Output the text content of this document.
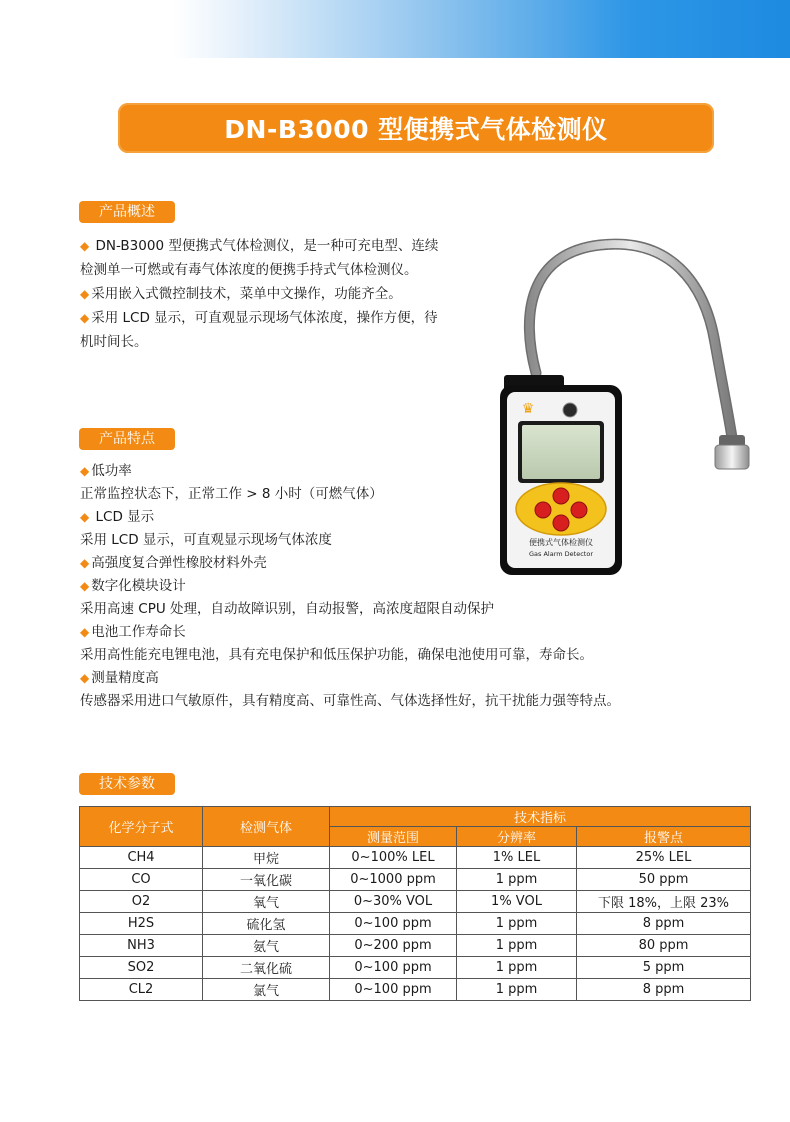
DN-B3000 型便携式气体检测仪
产品概述
◆ DN-B3000 型便携式气体检测仪，是一种可充电型、连续
检测单一可燃或有毒气体浓度的便携手持式气体检测仪。
◆ 采用嵌入式微控制技术，菜单中文操作，功能齐全。
◆ 采用 LCD 显示，可直观显示现场气体浓度，操作方便，待
机时间长。
♛
便携式气体检测仪
Gas Alarm Detector
产品特点
◆ 低功率
正常监控状态下，正常工作 > 8 小时（可燃气体）
◆ LCD 显示
采用 LCD 显示，可直观显示现场气体浓度
◆ 高强度复合弹性橡胶材料外壳
◆ 数字化模块设计
采用高速 CPU 处理，自动故障识别，自动报警，高浓度超限自动保护
◆ 电池工作寿命长
采用高性能充电锂电池，具有充电保护和低压保护功能，确保电池使用可靠，寿命长。
◆ 测量精度高
传感器采用进口气敏原件，具有精度高、可靠性高、气体选择性好，抗干扰能力强等特点。
技术参数
化学分子式	检测气体	技术指标		
		测量范围	分辨率	报警点
CH4	甲烷	0~100% LEL	1% LEL	25% LEL
CO	一氧化碳	0~1000 ppm	1 ppm	50 ppm
O2	氧气	0~30% VOL	1% VOL	下限 18%，上限 23%
H2S	硫化氢	0~100 ppm	1 ppm	8 ppm
NH3	氨气	0~200 ppm	1 ppm	80 ppm
SO2	二氧化硫	0~100 ppm	1 ppm	5 ppm
CL2	氯气	0~100 ppm	1 ppm	8 ppm
